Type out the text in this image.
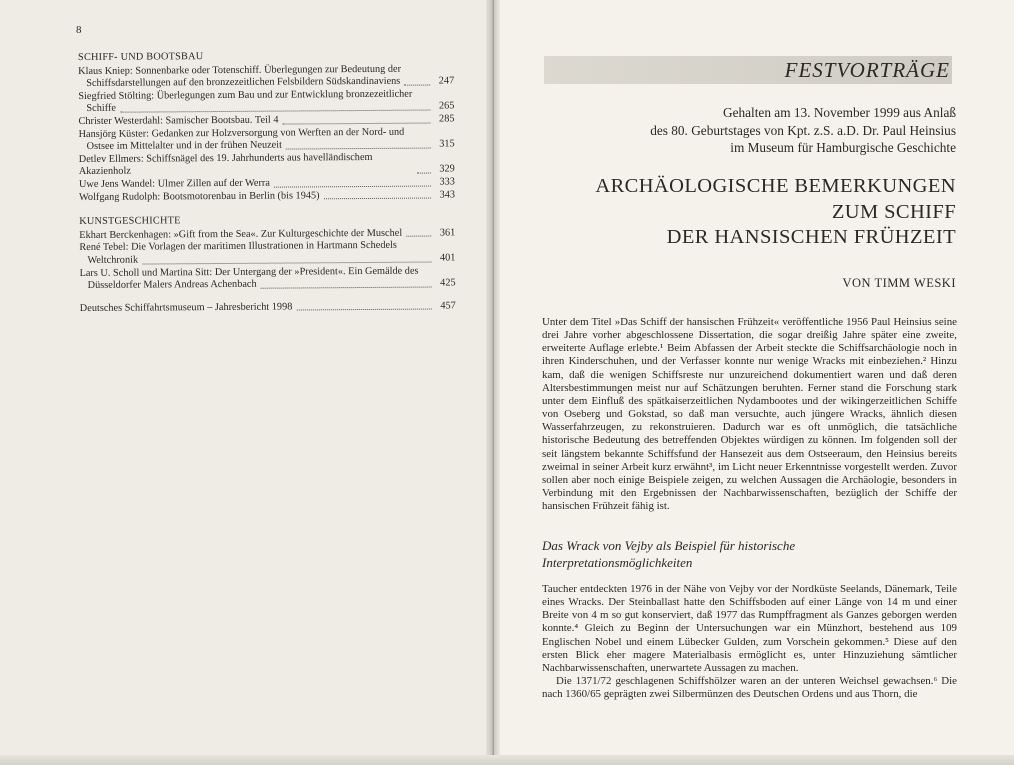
8
SCHIFF- UND BOOTSBAU
Klaus Kniep: Sonnenbarke oder Totenschiff. Überlegungen zur Bedeutung der
Schiffsdarstellungen auf den bronzezeitlichen Felsbildern Südskandinaviens	247
Siegfried Stölting: Überlegungen zum Bau und zur Entwicklung bronzezeitlicher
Schiffe	265
Christer Westerdahl: Samischer Bootsbau. Teil 4	285
Hansjörg Küster: Gedanken zur Holzversorgung von Werften an der Nord- und
Ostsee im Mittelalter und in der frühen Neuzeit	315
Detlev Ellmers: Schiffsnägel des 19. Jahrhunderts aus havelländischem Akazienholz	329
Uwe Jens Wandel: Ulmer Zillen auf der Werra	333
Wolfgang Rudolph: Bootsmotorenbau in Berlin (bis 1945)	343
KUNSTGESCHICHTE
Ekhart Berckenhagen: »Gift from the Sea«. Zur Kulturgeschichte der Muschel	361
René Tebel: Die Vorlagen der maritimen Illustrationen in Hartmann Schedels
Weltchronik	401
Lars U. Scholl und Martina Sitt: Der Untergang der »President«. Ein Gemälde des
Düsseldorfer Malers Andreas Achenbach	425
Deutsches Schiffahrtsmuseum – Jahresbericht 1998	457
FESTVORTRÄGE
Gehalten am 13. November 1999 aus Anlaß
des 80. Geburtstages von Kpt. z.S. a.D. Dr. Paul Heinsius
im Museum für Hamburgische Geschichte
ARCHÄOLOGISCHE BEMERKUNGEN
ZUM SCHIFF
DER HANSISCHEN FRÜHZEIT
VON TIMM WESKI

Unter dem Titel »Das Schiff der hansischen Frühzeit« veröffentliche 1956 Paul Heinsius seine drei Jahre vorher abgeschlossene Dissertation, die sogar dreißig Jahre später eine zweite, erweiterte Auflage erlebte.¹ Beim Abfassen der Arbeit steckte die Schiffsarchäologie noch in ihren Kinderschuhen, und der Verfasser konnte nur wenige Wracks mit einbeziehen.² Hinzu kam, daß die wenigen Schiffsreste nur unzureichend dokumentiert waren und daß deren Altersbestimmungen meist nur auf Schätzungen beruhten. Ferner stand die Forschung stark unter dem Einfluß des spätkaiserzeitlichen Nydambootes und der wikingerzeitlichen Schiffe von Oseberg und Gokstad, so daß man versuchte, auch jüngere Wracks, ähnlich diesen Wasserfahrzeugen, zu rekonstruieren. Dadurch war es oft unmöglich, die tatsächliche historische Bedeutung des betreffenden Objektes würdigen zu können. Im folgenden soll der seit längstem bekannte Schiffsfund der Hansezeit aus dem Ostseeraum, den Heinsius bereits zweimal in seiner Arbeit kurz erwähnt³, im Licht neuer Erkenntnisse vorgestellt werden. Zuvor sollen aber noch einige Beispiele zeigen, zu welchen Aussagen die Archäologie, besonders in Verbindung mit den Ergebnissen der Nachbarwissenschaften, bezüglich der Schiffe der hansischen Frühzeit fähig ist.

Das Wrack von Vejby als Beispiel für historische
Interpretationsmöglichkeiten

Taucher entdeckten 1976 in der Nähe von Vejby vor der Nordküste Seelands, Dänemark, Teile eines Wracks. Der Steinballast hatte den Schiffsboden auf einer Länge von 14 m und einer Breite von 4 m so gut konserviert, daß 1977 das Rumpffragment als Ganzes geborgen werden konnte.⁴ Gleich zu Beginn der Untersuchungen war ein Münzhort, bestehend aus 109 Englischen Nobel und einem Lübecker Gulden, zum Vorschein gekommen.⁵ Diese auf den ersten Blick eher magere Materialbasis ermöglicht es, unter Hinzuziehung sämtlicher Nachbarwissenschaften, unerwartete Aussagen zu machen.

Die 1371/72 geschlagenen Schiffshölzer waren an der unteren Weichsel gewachsen.⁶ Die nach 1360/65 geprägten zwei Silbermünzen des Deutschen Ordens und aus Thorn, die
